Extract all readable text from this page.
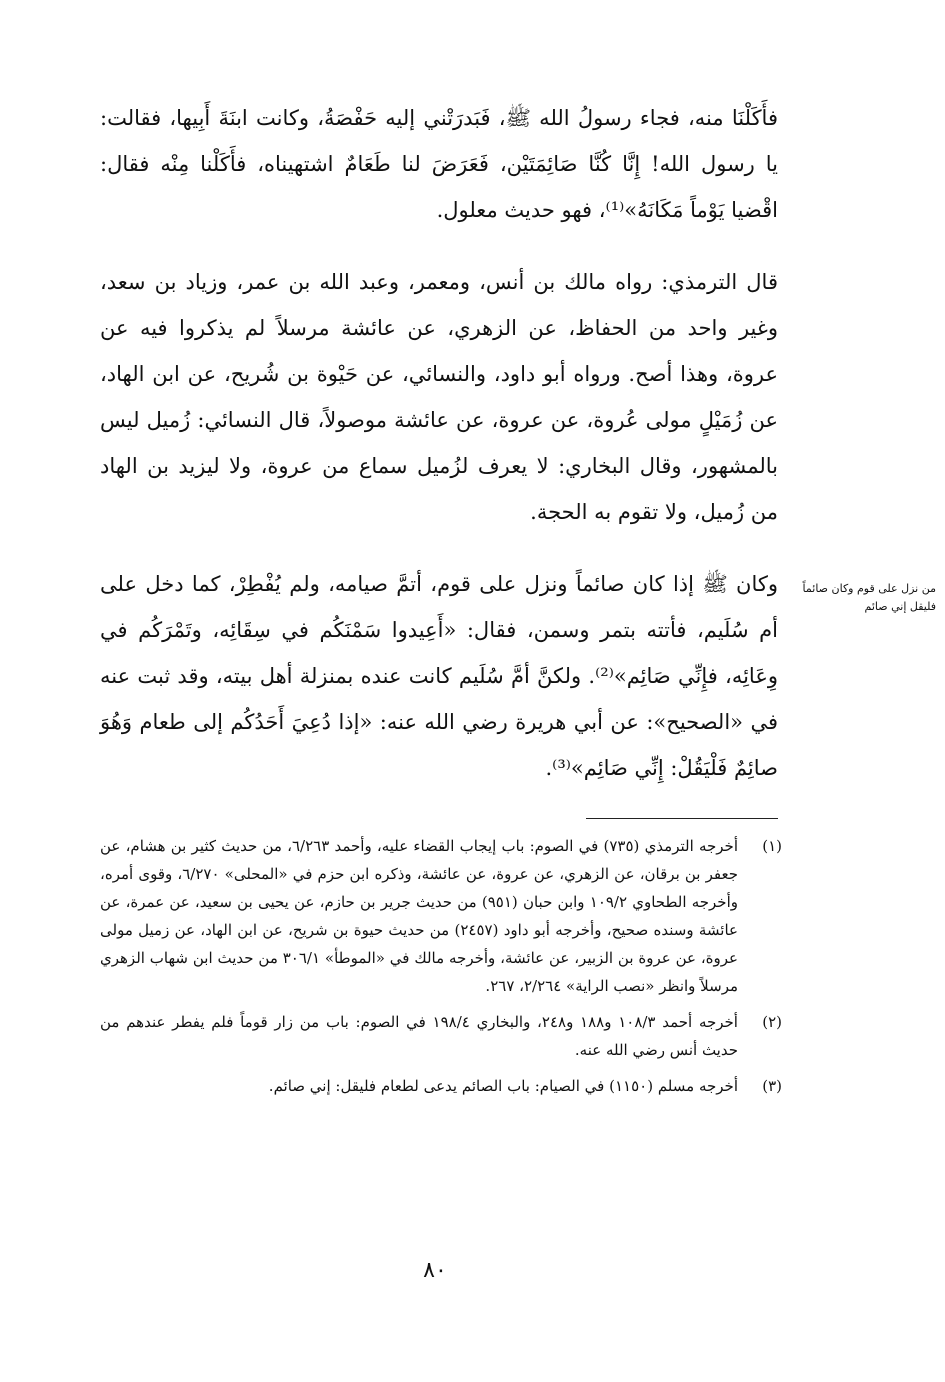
فأَكَلْنَا منه، فجاء رسولُ الله ﷺ، فَبَدرَتْني إليه حَفْصَةُ، وكانت ابنَةَ أَبِيها، فقالت: يا رسول الله! إِنَّا كُنَّا صَائِمَتَيْن، فَعَرَضَ لنا طَعَامٌ اشتهيناه، فأَكَلْنا مِنْه فقال: اقْضيا يَوْماً مَكَانَهُ»⁽¹⁾، فهو حديث معلول.

قال الترمذي: رواه مالك بن أنس، ومعمر، وعبد الله بن عمر، وزياد بن سعد، وغير واحد من الحفاظ، عن الزهري، عن عائشة مرسلاً لم يذكروا فيه عن عروة، وهذا أصح. ورواه أبو داود، والنسائي، عن حَيْوة بن شُريح، عن ابن الهاد، عن زُمَيْلٍ مولى عُروة، عن عروة، عن عائشة موصولاً، قال النسائي: زُميل ليس بالمشهور، وقال البخاري: لا يعرف لزُميل سماع من عروة، ولا ليزيد بن الهاد من زُميل، ولا تقوم به الحجة.

وكان ﷺ إذا كان صائماً ونزل على قوم، أتمَّ صيامه، ولم يُفْطِرْ، كما دخل على أم سُلَيم، فأتته بتمر وسمن، فقال: «أَعِيدوا سَمْنَكُم في سِقَائِه، وتَمْرَكُم في وِعَائِه، فإِنِّي صَائِم»⁽²⁾. ولكنَّ أمَّ سُلَيم كانت عنده بمنزلة أهل بيته، وقد ثبت عنه في «الصحيح»: عن أبي هريرة رضي الله عنه: «إذا دُعِيَ أَحَدُكُم إلى طعام وَهُوَ صائِمٌ فَلْيَقُلْ: إِنِّي صَائِم»⁽³⁾.

من نزل على قوم وكان صائماً فليقل إني صائم
(١)
أخرجه الترمذي (٧٣٥) في الصوم: باب إيجاب القضاء عليه، وأحمد ٦/٢٦٣، من حديث كثير بن هشام، عن جعفر بن برقان، عن الزهري، عن عروة، عن عائشة، وذكره ابن حزم في «المحلى» ٦/٢٧٠، وقوى أمره، وأخرجه الطحاوي ١٠٩/٢ وابن حبان (٩٥١) من حديث جرير بن حازم، عن يحيى بن سعيد، عن عمرة، عن عائشة وسنده صحيح، وأخرجه أبو داود (٢٤٥٧) من حديث حيوة بن شريح، عن ابن الهاد، عن زميل مولى عروة، عن عروة بن الزبير، عن عائشة، وأخرجه مالك في «الموطأ» ٣٠٦/١ من حديث ابن شهاب الزهري مرسلاً وانظر «نصب الراية» ٢/٢٦٤، ٢٦٧.
(٢)
أخرجه أحمد ١٠٨/٣ و١٨٨ و٢٤٨، والبخاري ١٩٨/٤ في الصوم: باب من زار قوماً فلم يفطر عندهم من حديث أنس رضي الله عنه.
(٣)
أخرجه مسلم (١١٥٠) في الصيام: باب الصائم يدعى لطعام فليقل: إني صائم.
٨٠
